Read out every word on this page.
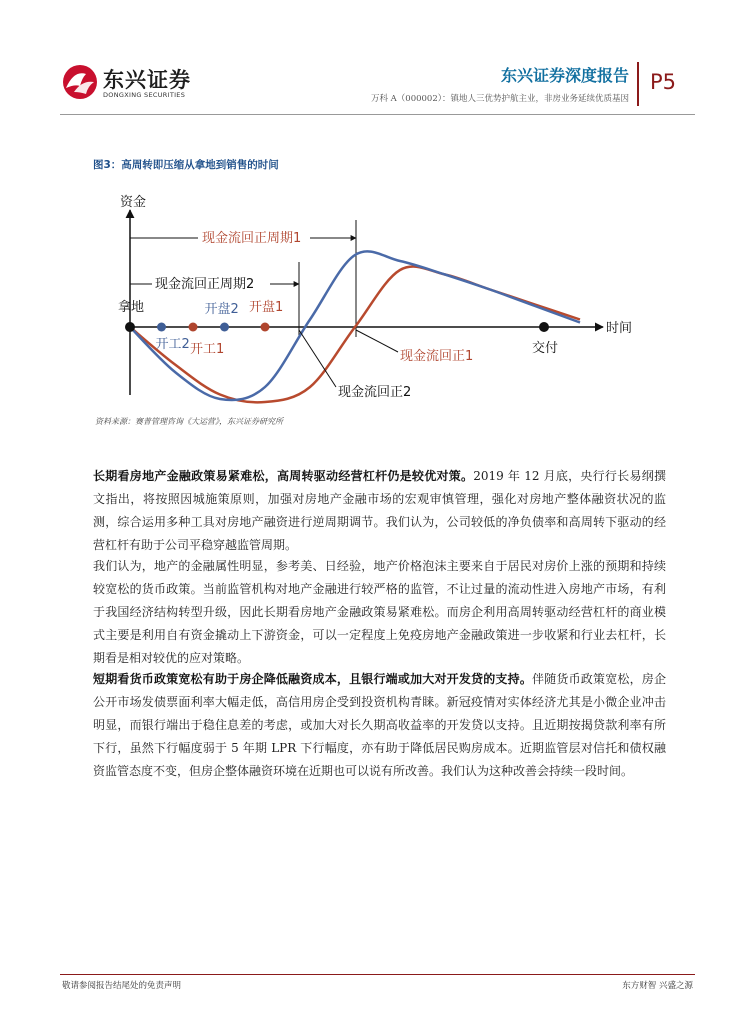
东兴证券
DONGXING SECURITIES
东兴证券深度报告
万科 A（000002）：镇地人三优势护航主业，非房业务延续优质基因
P5
图3：高周转即压缩从拿地到销售的时间
资金
时间
现金流回正周期1
现金流回正周期2
拿地
开工2 开工1
开盘2 开盘1
交付
现金流回正1
现金流回正2
资料来源：赛普管理咨询《大运营》，东兴证券研究所

长期看房地产金融政策易紧难松，高周转驱动经营杠杆仍是较优对策。2019 年 12 月底，央行行长易纲撰文指出，将按照因城施策原则，加强对房地产金融市场的宏观审慎管理，强化对房地产整体融资状况的监测，综合运用多种工具对房地产融资进行逆周期调节。我们认为，公司较低的净负债率和高周转下驱动的经营杠杆有助于公司平稳穿越监管周期。

我们认为，地产的金融属性明显，参考美、日经验，地产价格泡沫主要来自于居民对房价上涨的预期和持续较宽松的货币政策。当前监管机构对地产金融进行较严格的监管，不让过量的流动性进入房地产市场，有利于我国经济结构转型升级，因此长期看房地产金融政策易紧难松。而房企利用高周转驱动经营杠杆的商业模式主要是利用自有资金撬动上下游资金，可以一定程度上免疫房地产金融政策进一步收紧和行业去杠杆，长期看是相对较优的应对策略。

短期看货币政策宽松有助于房企降低融资成本，且银行端或加大对开发贷的支持。伴随货币政策宽松，房企公开市场发债票面利率大幅走低，高信用房企受到投资机构青睐。新冠疫情对实体经济尤其是小微企业冲击明显，而银行端出于稳住息差的考虑，或加大对长久期高收益率的开发贷以支持。且近期按揭贷款利率有所下行，虽然下行幅度弱于 5 年期 LPR 下行幅度，亦有助于降低居民购房成本。近期监管层对信托和债权融资监管态度不变，但房企整体融资环境在近期也可以说有所改善。我们认为这种改善会持续一段时间。

敬请参阅报告结尾处的免责声明	东方财智 兴盛之源
